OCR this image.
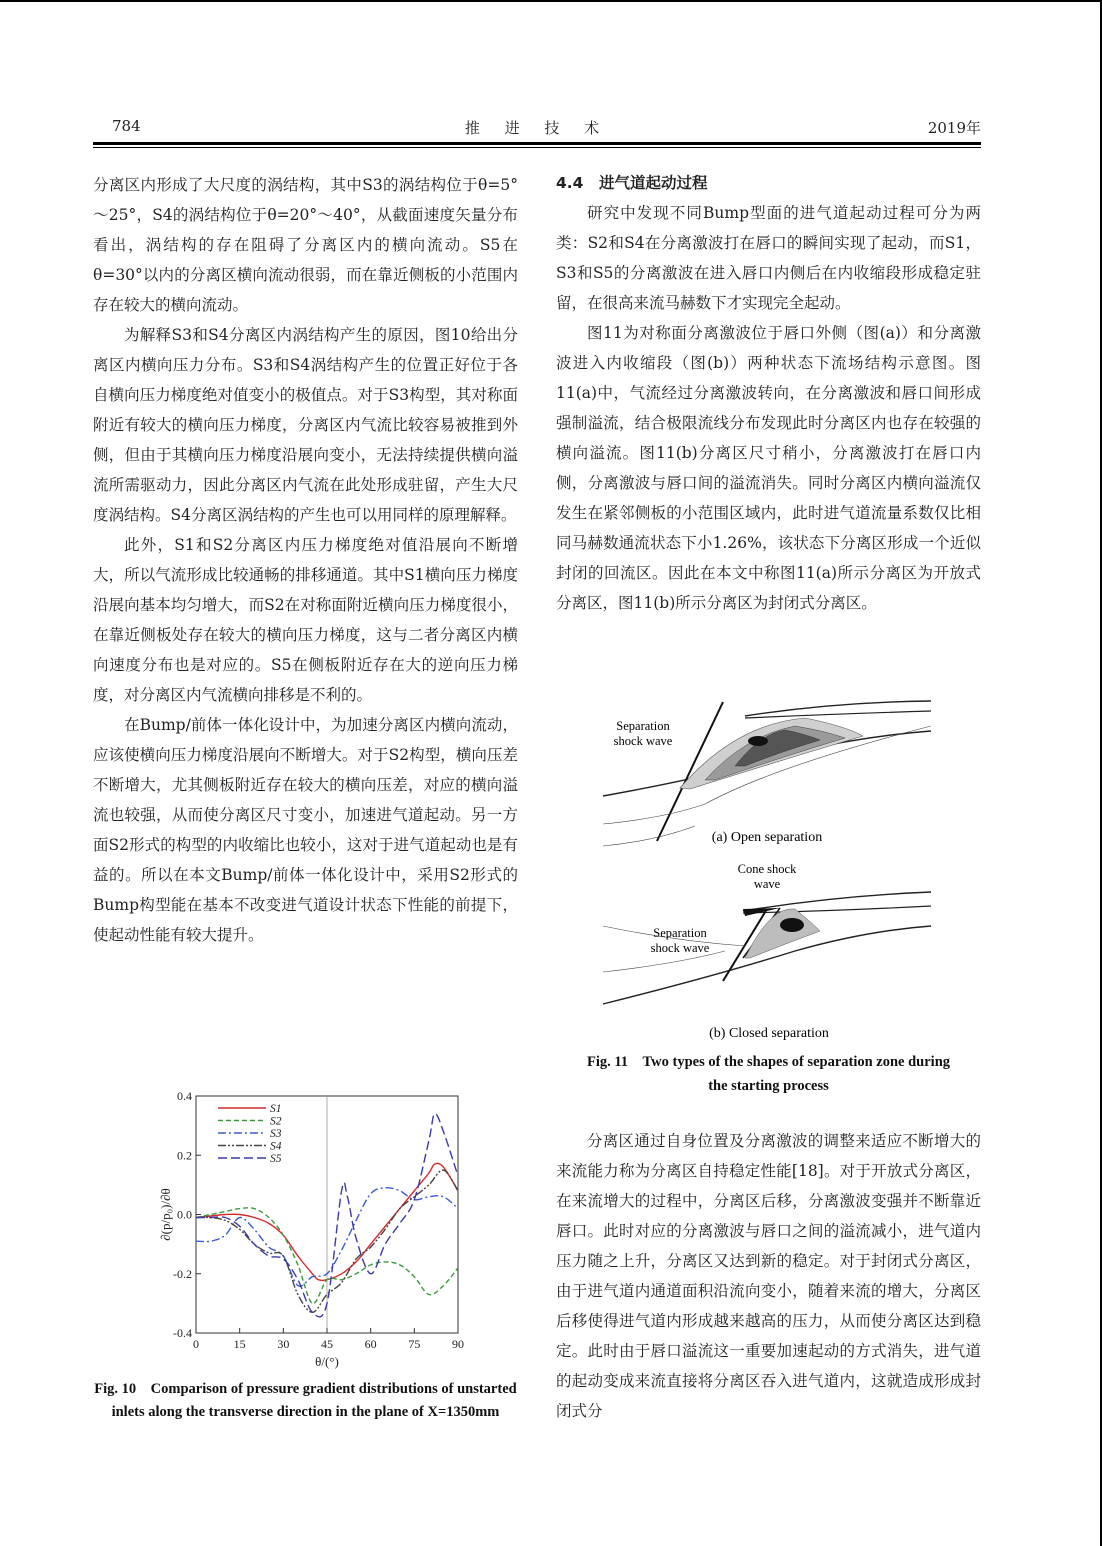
784	推 进 技 术	2019年

分离区内形成了大尺度的涡结构，其中S3的涡结构位于θ=5°～25°，S4的涡结构位于θ=20°～40°，从截面速度矢量分布看出，涡结构的存在阻碍了分离区内的横向流动。S5在θ=30°以内的分离区横向流动很弱，而在靠近侧板的小范围内存在较大的横向流动。

为解释S3和S4分离区内涡结构产生的原因，图10给出分离区内横向压力分布。S3和S4涡结构产生的位置正好位于各自横向压力梯度绝对值变小的极值点。对于S3构型，其对称面附近有较大的横向压力梯度，分离区内气流比较容易被推到外侧，但由于其横向压力梯度沿展向变小，无法持续提供横向溢流所需驱动力，因此分离区内气流在此处形成驻留，产生大尺度涡结构。S4分离区涡结构的产生也可以用同样的原理解释。

此外，S1和S2分离区内压力梯度绝对值沿展向不断增大，所以气流形成比较通畅的排移通道。其中S1横向压力梯度沿展向基本均匀增大，而S2在对称面附近横向压力梯度很小，在靠近侧板处存在较大的横向压力梯度，这与二者分离区内横向速度分布也是对应的。S5在侧板附近存在大的逆向压力梯度，对分离区内气流横向排移是不利的。

在Bump/前体一体化设计中，为加速分离区内横向流动，应该使横向压力梯度沿展向不断增大。对于S2构型，横向压差不断增大，尤其侧板附近存在较大的横向压差，对应的横向溢流也较强，从而使分离区尺寸变小，加速进气道起动。另一方面S2形式的构型的内收缩比也较小，这对于进气道起动也是有益的。所以在本文Bump/前体一体化设计中，采用S2形式的Bump构型能在基本不改变进气道设计状态下性能的前提下，使起动性能有较大提升。

0	15	30	45	60	75	90
0.4
0.2
0.0
-0.2
-0.4
θ/(°)
∂(p/p₀)/∂θ
S1
S2
S3
S4
S5
Fig. 10　Comparison of pressure gradient distributions of unstarted inlets along the transverse direction in the plane of X=1350mm

4.4　进气道起动过程

研究中发现不同Bump型面的进气道起动过程可分为两类：S2和S4在分离激波打在唇口的瞬间实现了起动，而S1，S3和S5的分离激波在进入唇口内侧后在内收缩段形成稳定驻留，在很高来流马赫数下才实现完全起动。

图11为对称面分离激波位于唇口外侧（图(a)）和分离激波进入内收缩段（图(b)）两种状态下流场结构示意图。图11(a)中，气流经过分离激波转向，在分离激波和唇口间形成强制溢流，结合极限流线分布发现此时分离区内也存在较强的横向溢流。图11(b)分离区尺寸稍小，分离激波打在唇口内侧，分离激波与唇口间的溢流消失。同时分离区内横向溢流仅发生在紧邻侧板的小范围区域内，此时进气道流量系数仅比相同马赫数通流状态下小1.26%，该状态下分离区形成一个近似封闭的回流区。因此在本文中称图11(a)所示分离区为开放式分离区，图11(b)所示分离区为封闭式分离区。

Separation
shock wave
(a) Open separation
Cone shock
wave
Separation
shock wave
(b) Closed separation
Fig. 11　Two types of the shapes of separation zone during
the starting process

分离区通过自身位置及分离激波的调整来适应不断增大的来流能力称为分离区自持稳定性能[18]。对于开放式分离区，在来流增大的过程中，分离区后移，分离激波变强并不断靠近唇口。此时对应的分离激波与唇口之间的溢流减小，进气道内压力随之上升，分离区又达到新的稳定。对于封闭式分离区，由于进气道内通道面积沿流向变小，随着来流的增大，分离区后移使得进气道内形成越来越高的压力，从而使分离区达到稳定。此时由于唇口溢流这一重要加速起动的方式消失，进气道的起动变成来流直接将分离区吞入进气道内，这就造成形成封闭式分
